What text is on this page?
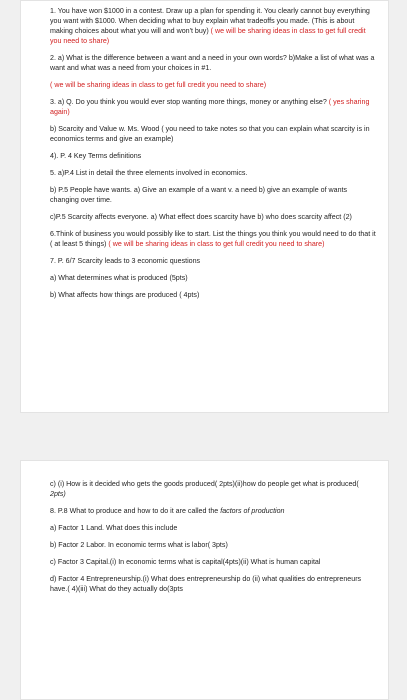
1. You have won $1000 in a contest. Draw up a plan for spending it. You clearly cannot buy everything you want with $1000. When deciding what to buy explain what tradeoffs you made. (This is about making choices about what you will and won't buy) ( we will be sharing ideas in class to get full credit you need to share)

2. a) What is the difference between a want and a need in your own words? b)Make a list of what was a want and what was a need from your choices in #1.

( we will be sharing ideas in class to get full credit you need to share)

3. a) Q. Do you think you would ever stop wanting more things, money or anything else? ( yes sharing again)

b) Scarcity and Value w. Ms. Wood ( you need to take notes so that you can explain what scarcity is in economics terms and give an example)

4). P. 4 Key Terms definitions

5. a)P.4 List in detail the three elements involved in economics.

b) P.5 People have wants. a) Give an example of a want v. a need b) give an example of wants changing over time.

c)P.5 Scarcity affects everyone. a) What effect does scarcity have b) who does scarcity affect (2)

6.Think of business you would possibly like to start. List the things you think you would need to do that it ( at least 5 things) ( we will be sharing ideas in class to get full credit you need to share)

7. P. 6/7 Scarcity leads to 3 economic questions

a) What determines what is produced (5pts)

b) What affects how things are produced ( 4pts)

c) (i) How is it decided who gets the goods produced( 2pts)(ii)how do people get what is produced( 2pts)

8. P.8 What to produce and how to do it are called the factors of production

a) Factor 1 Land. What does this include

b) Factor 2 Labor. In economic terms what is labor( 3pts)

c) Factor 3 Capital.(i) In economic terms what is capital(4pts)(ii) What is human capital

d) Factor 4 Entrepreneurship.(i) What does entrepreneurship do (ii) what qualities do entrepreneurs have.( 4)(iii) What do they actually do(3pts
